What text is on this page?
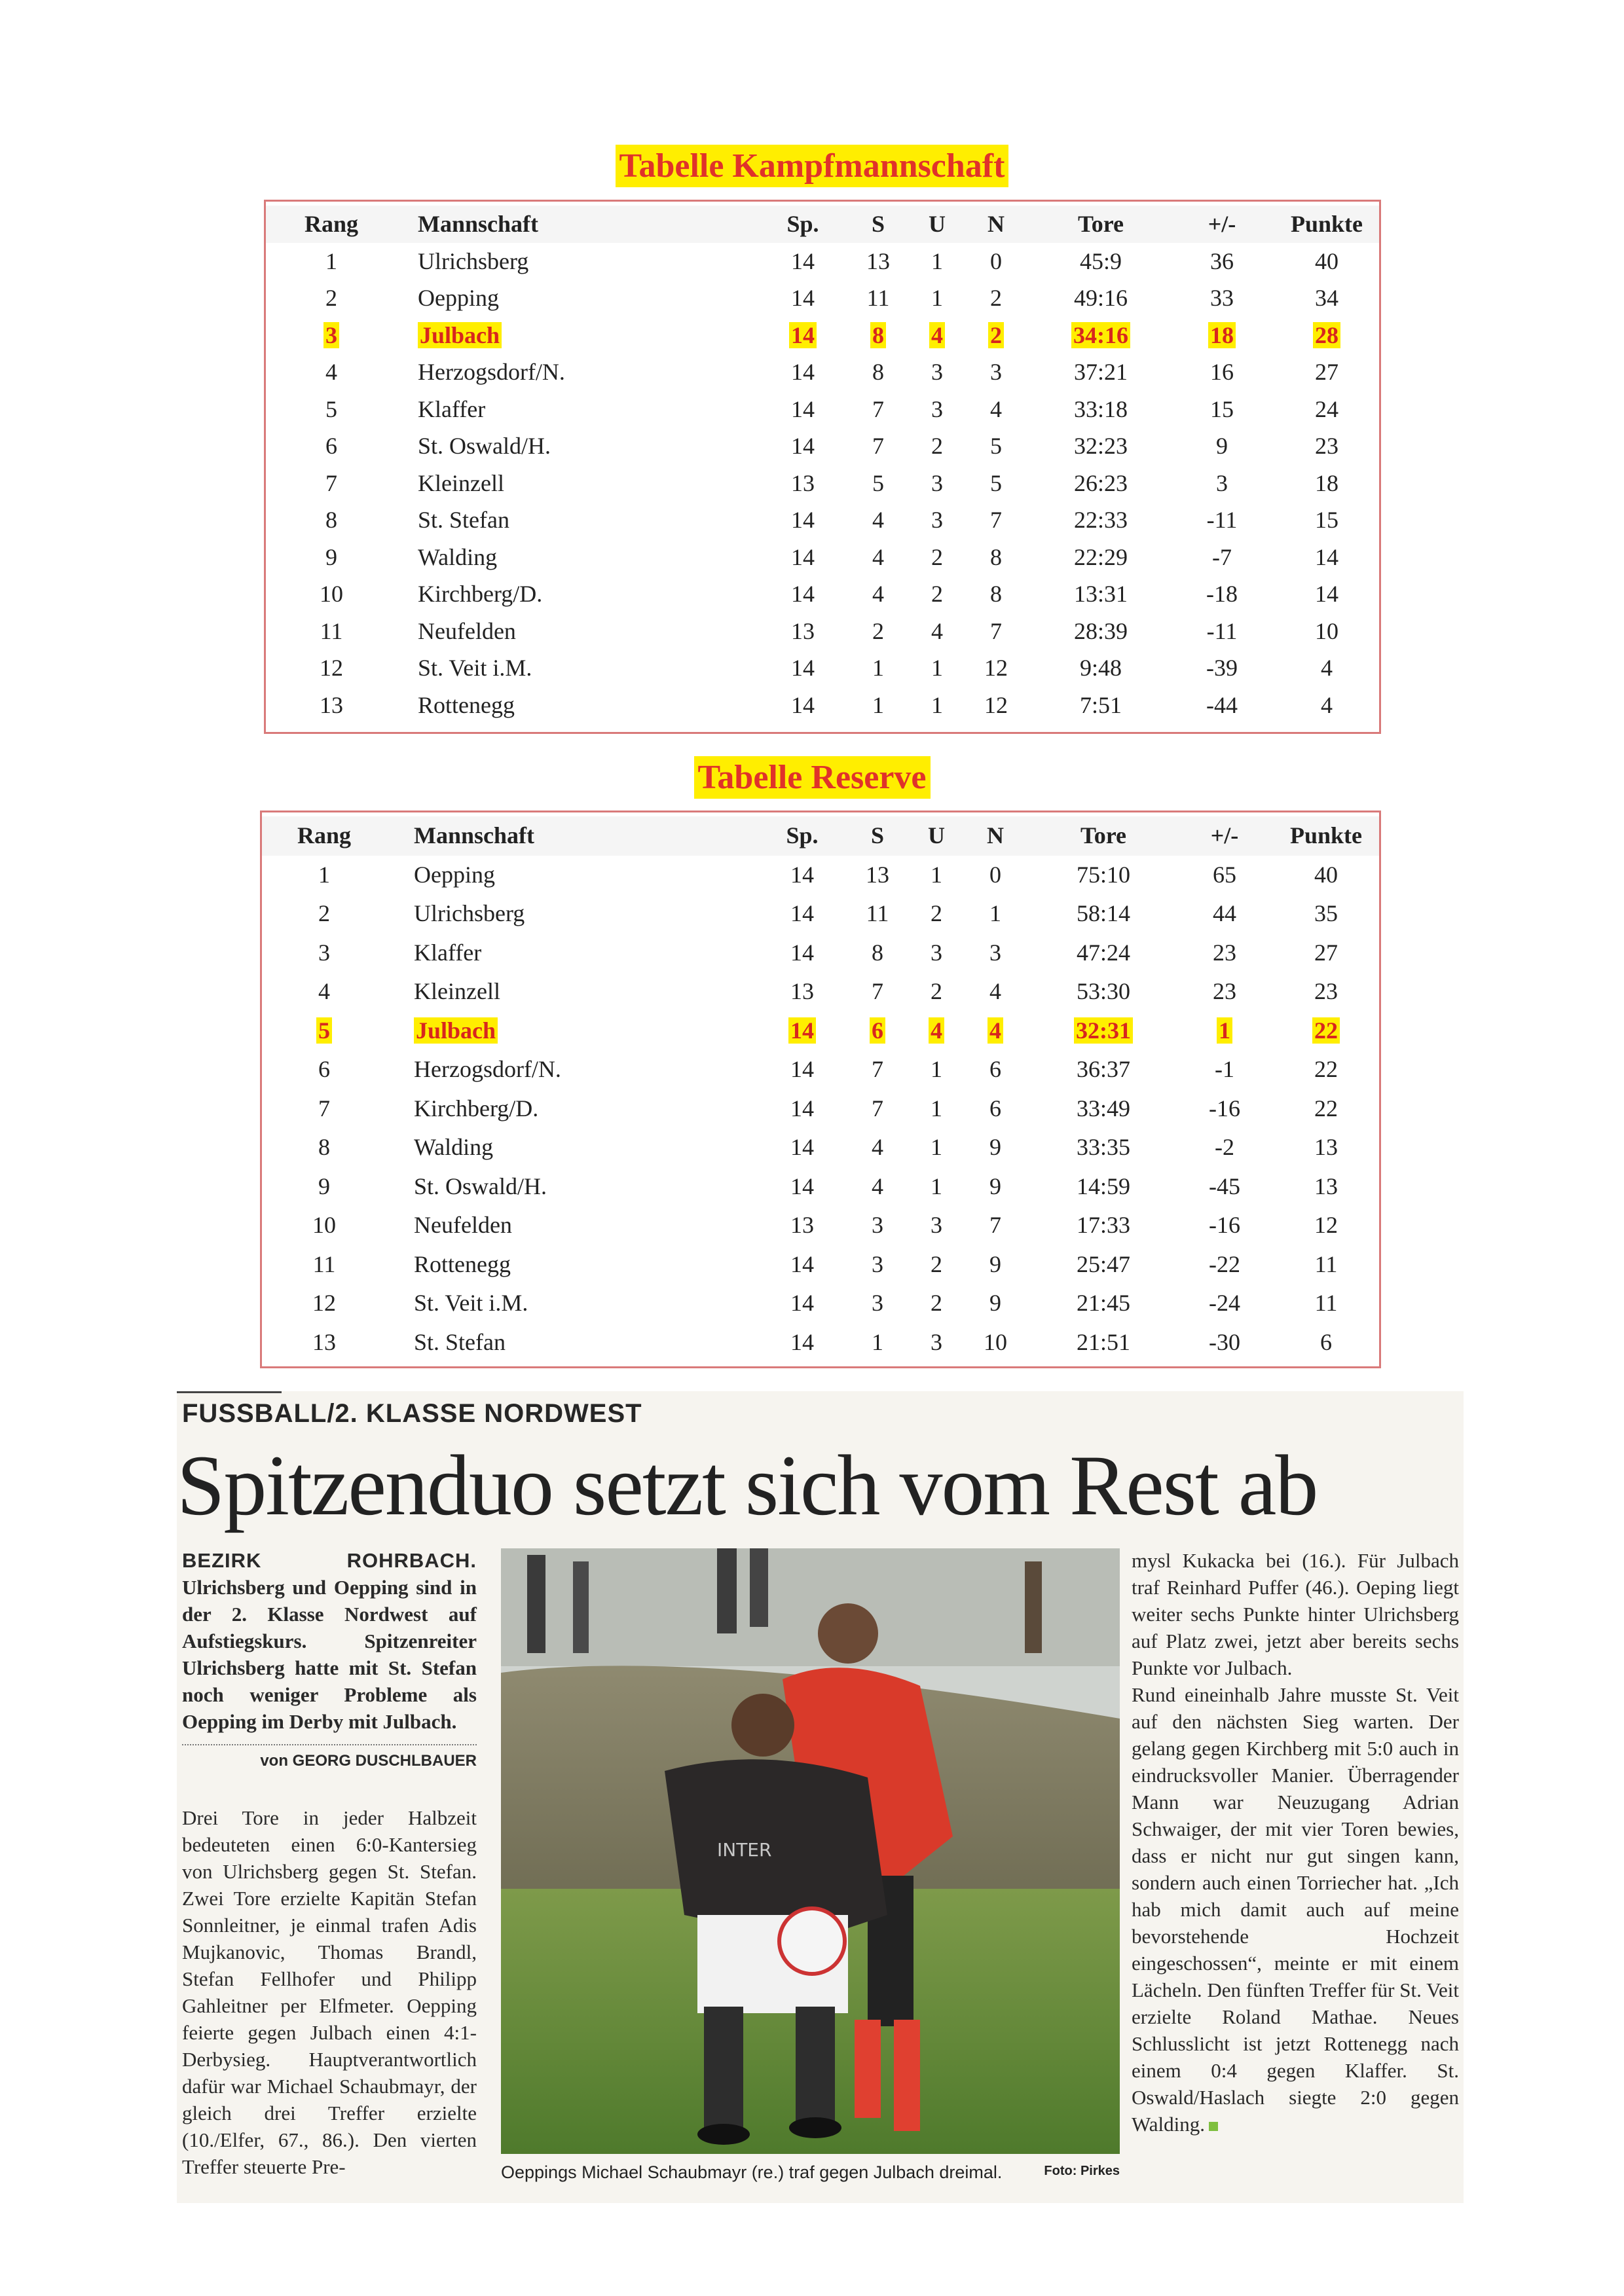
Tabelle Kampfmannschaft
Rang	Mannschaft	Sp.	S	U	N	Tore	+/-	Punkte
1	Ulrichsberg	14	13	1	0	45:9	36	40
2	Oepping	14	11	1	2	49:16	33	34
3	Julbach	14	8	4	2	34:16	18	28
4	Herzogsdorf/N.	14	8	3	3	37:21	16	27
5	Klaffer	14	7	3	4	33:18	15	24
6	St. Oswald/H.	14	7	2	5	32:23	9	23
7	Kleinzell	13	5	3	5	26:23	3	18
8	St. Stefan	14	4	3	7	22:33	-11	15
9	Walding	14	4	2	8	22:29	-7	14
10	Kirchberg/D.	14	4	2	8	13:31	-18	14
11	Neufelden	13	2	4	7	28:39	-11	10
12	St. Veit i.M.	14	1	1	12	9:48	-39	4
13	Rottenegg	14	1	1	12	7:51	-44	4
Tabelle Reserve
Rang	Mannschaft	Sp.	S	U	N	Tore	+/-	Punkte
1	Oepping	14	13	1	0	75:10	65	40
2	Ulrichsberg	14	11	2	1	58:14	44	35
3	Klaffer	14	8	3	3	47:24	23	27
4	Kleinzell	13	7	2	4	53:30	23	23
5	Julbach	14	6	4	4	32:31	1	22
6	Herzogsdorf/N.	14	7	1	6	36:37	-1	22
7	Kirchberg/D.	14	7	1	6	33:49	-16	22
8	Walding	14	4	1	9	33:35	-2	13
9	St. Oswald/H.	14	4	1	9	14:59	-45	13
10	Neufelden	13	3	3	7	17:33	-16	12
11	Rottenegg	14	3	2	9	25:47	-22	11
12	St. Veit i.M.	14	3	2	9	21:45	-24	11
13	St. Stefan	14	1	3	10	21:51	-30	6
FUSSBALL/2. KLASSE NORDWEST
Spitzenduo setzt sich vom Rest ab

BEZIRK ROHRBACH. Ulrichsberg und Oepping sind in der 2. Klasse Nordwest auf Aufstiegskurs. Spitzenreiter Ulrichsberg hatte mit St. Stefan noch weniger Probleme als Oepping im Derby mit Julbach.

von GEORG DUSCHLBAUER

Drei Tore in jeder Halbzeit bedeuteten einen 6:0-Kantersieg von Ulrichsberg gegen St. Stefan. Zwei Tore erzielte Kapitän Stefan Sonnleitner, je einmal trafen Adis Mujkanovic, Thomas Brandl, Stefan Fellhofer und Philipp Gahleitner per Elfmeter. Oepping feierte gegen Julbach einen 4:1-Derbysieg. Hauptverantwortlich dafür war Michael Schaubmayr, der gleich drei Treffer erzielte (10./Elfer, 67., 86.). Den vierten Treffer steuerte Pre-

INTER
Oeppings Michael Schaubmayr (re.) traf gegen Julbach dreimal.	Foto: Pirkes

mysl Kukacka bei (16.). Für Julbach traf Reinhard Puffer (46.). Oeping liegt weiter sechs Punkte hinter Ulrichsberg auf Platz zwei, jetzt aber bereits sechs Punkte vor Julbach.

Rund eineinhalb Jahre musste St. Veit auf den nächsten Sieg warten. Der gelang gegen Kirchberg mit 5:0 auch in eindrucksvoller Manier. Überragender Mann war Neuzugang Adrian Schwaiger, der mit vier Toren bewies, dass er nicht nur gut singen kann, sondern auch einen Torriecher hat. „Ich hab mich damit auch auf meine bevorstehende Hochzeit eingeschossen“, meinte er mit einem Lächeln. Den fünften Treffer für St. Veit erzielte Roland Mathae. Neues Schlusslicht ist jetzt Rottenegg nach einem 0:4 gegen Klaffer. St. Oswald/Haslach siegte 2:0 gegen Walding.
